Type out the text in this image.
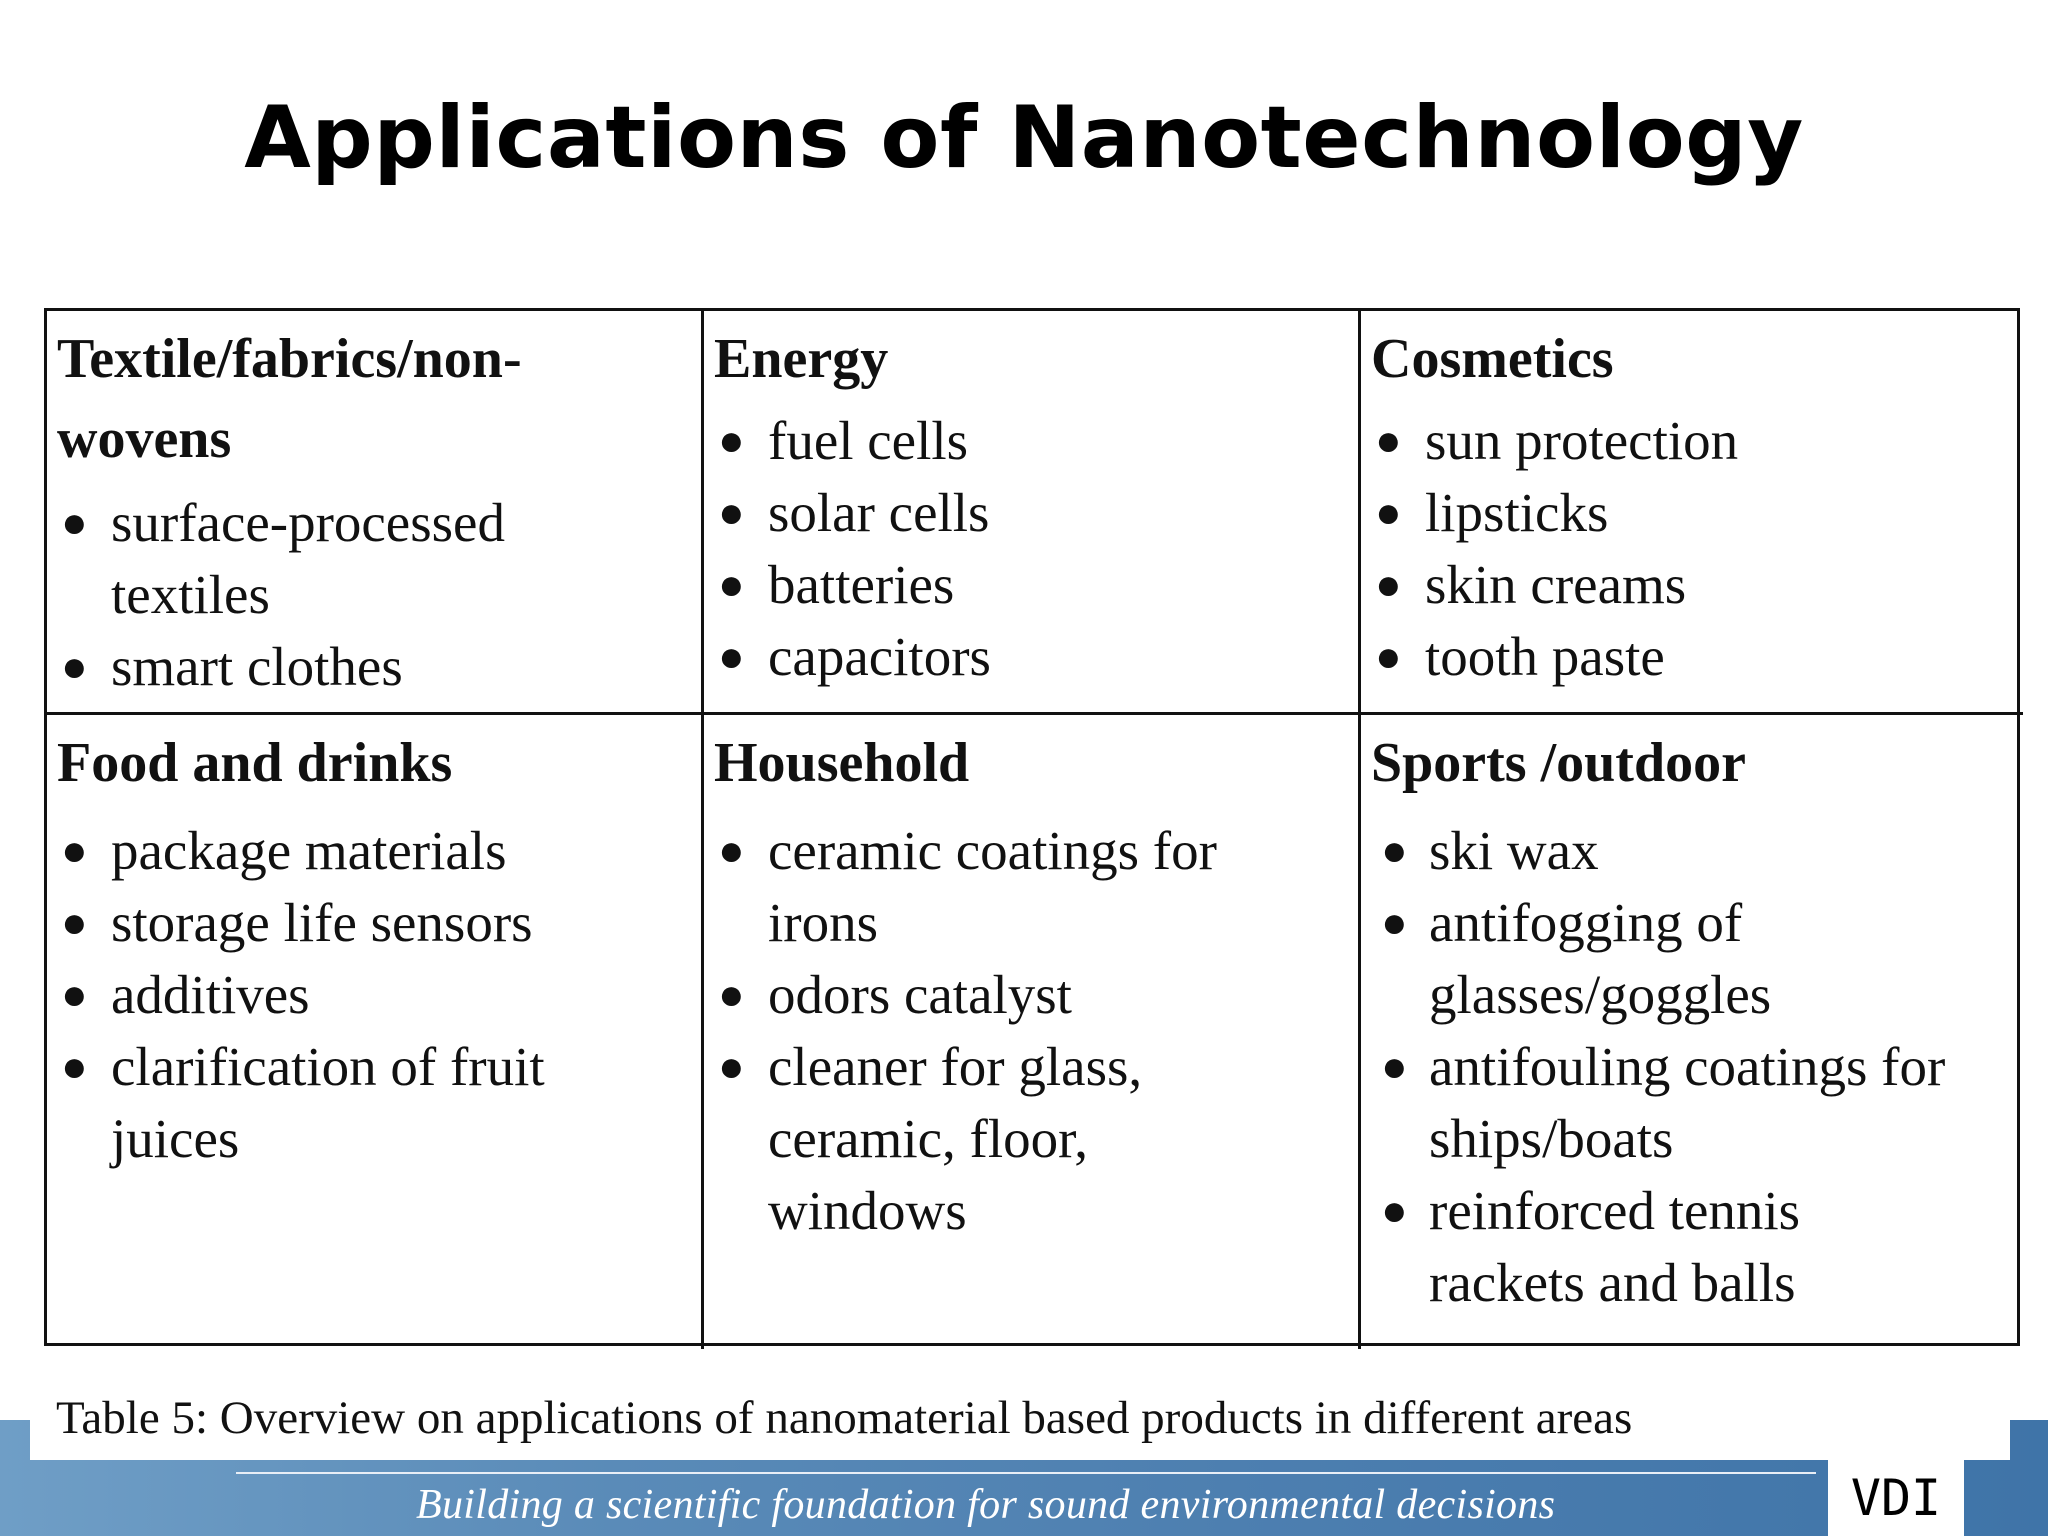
Applications of Nanotechnology
Textile/fabrics/non-wovens
● surface-processed textiles
● smart clothes
Energy
● fuel cells
● solar cells
● batteries
● capacitors
Cosmetics
● sun protection
● lipsticks
● skin creams
● tooth paste
Food and drinks
● package materials
● storage life sensors
● additives
● clarification of fruit juices
Household
● ceramic coatings for irons
● odors catalyst
● cleaner for glass, ceramic, floor, windows
Sports /outdoor
● ski wax
● antifogging of glasses/goggles
● antifouling coatings for ships/boats
● reinforced tennis rackets and balls
Table 5: Overview on applications of nanomaterial based products in different areas
Building a scientific foundation for sound environmental decisions	VDI
